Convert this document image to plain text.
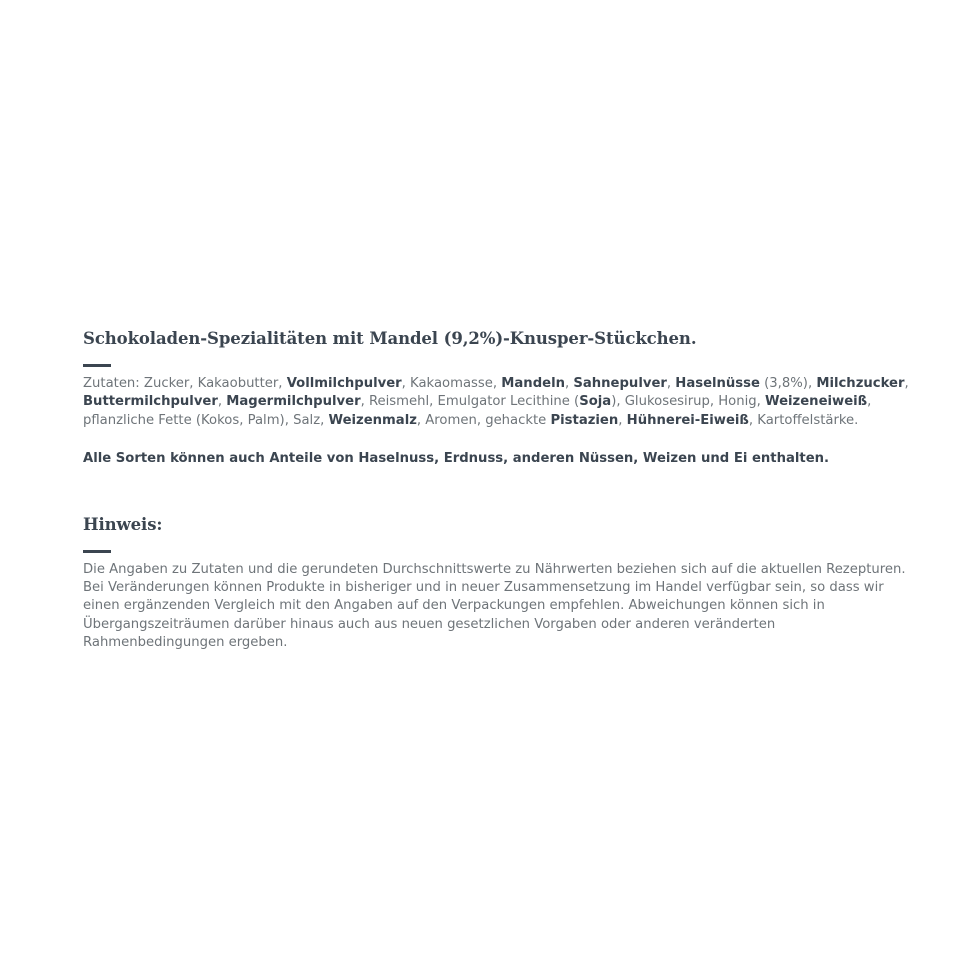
Schokoladen-Spezialitäten mit Mandel (9,2%)-Knusper-Stückchen.

Zutaten: Zucker, Kakaobutter, Vollmilchpulver, Kakaomasse, Mandeln, Sahnepulver, Haselnüsse (3,8%), Milchzucker, Buttermilchpulver, Magermilchpulver, Reismehl, Emulgator Lecithine (Soja), Glukosesirup, Honig, Weizeneiweiß, pflanzliche Fette (Kokos, Palm), Salz, Weizenmalz, Aromen, gehackte Pistazien, Hühnerei-Eiweiß, Kartoffelstärke.

Alle Sorten können auch Anteile von Haselnuss, Erdnuss, anderen Nüssen, Weizen und Ei enthalten.

Hinweis:

Die Angaben zu Zutaten und die gerundeten Durchschnittswerte zu Nährwerten beziehen sich auf die aktuellen Rezepturen. Bei Veränderungen können Produkte in bisheriger und in neuer Zusammensetzung im Handel verfügbar sein, so dass wir einen ergänzenden Vergleich mit den Angaben auf den Verpackungen empfehlen. Abweichungen können sich in Übergangszeiträumen darüber hinaus auch aus neuen gesetzlichen Vorgaben oder anderen veränderten Rahmenbedingungen ergeben.
